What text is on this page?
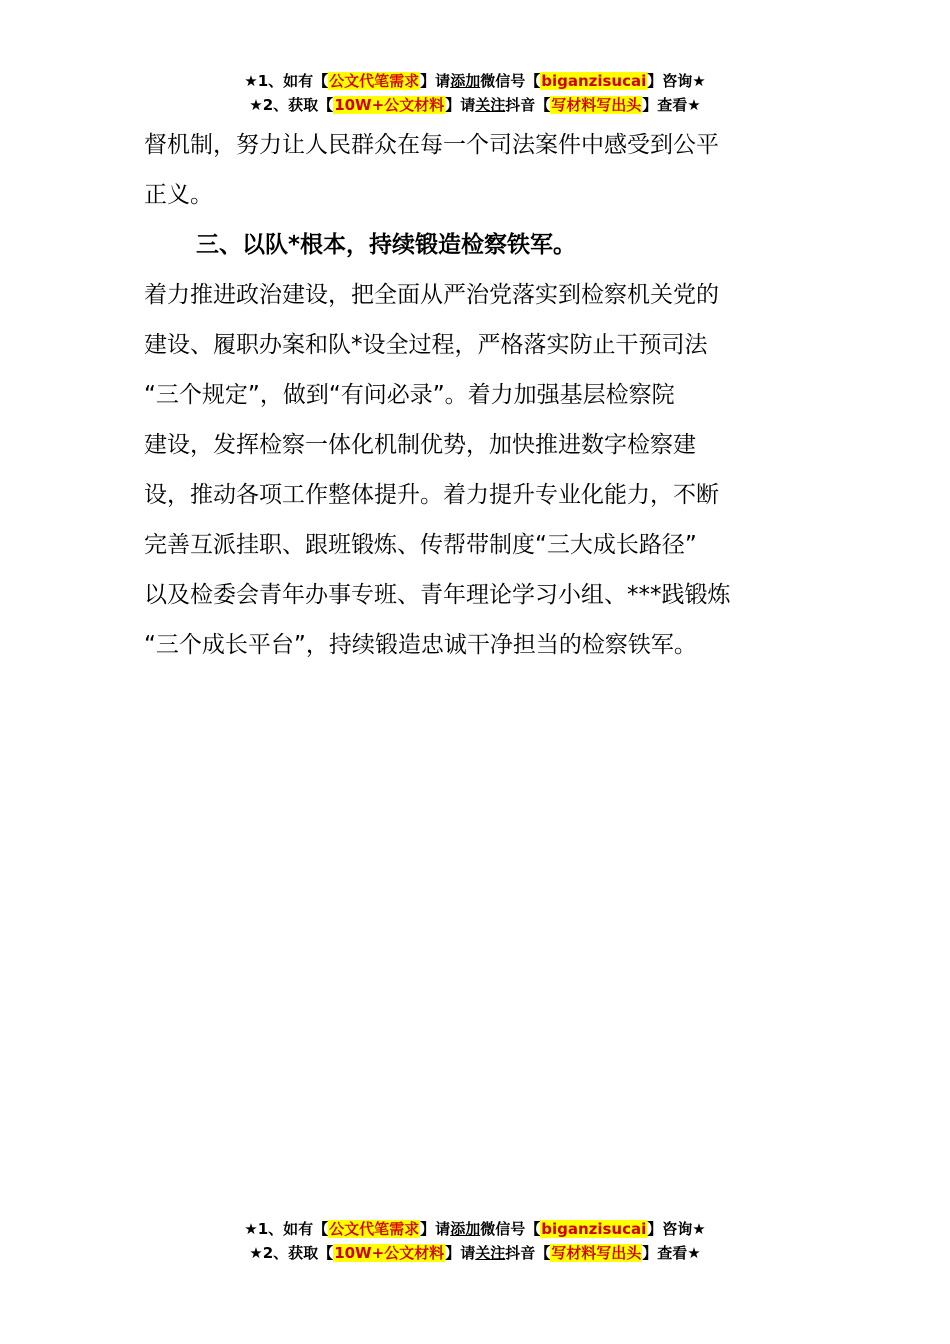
★1、如有【公文代笔需求】请添加微信号【biganzisucai】咨询★
★2、获取【10W+公文材料】请关注抖音【写材料写出头】查看★
督机制，努力让人民群众在每一个司法案件中感受到公平
正义。
三、以队*根本，持续锻造检察铁军。
着力推进政治建设，把全面从严治党落实到检察机关党的
建设、履职办案和队*设全过程，严格落实防止干预司法
“三个规定”，做到“有问必录”。着力加强基层检察院
建设，发挥检察一体化机制优势，加快推进数字检察建
设，推动各项工作整体提升。着力提升专业化能力，不断
完善互派挂职、跟班锻炼、传帮带制度“三大成长路径”
以及检委会青年办事专班、青年理论学习小组、***践锻炼
“三个成长平台”，持续锻造忠诚干净担当的检察铁军。
★1、如有【公文代笔需求】请添加微信号【biganzisucai】咨询★
★2、获取【10W+公文材料】请关注抖音【写材料写出头】查看★
